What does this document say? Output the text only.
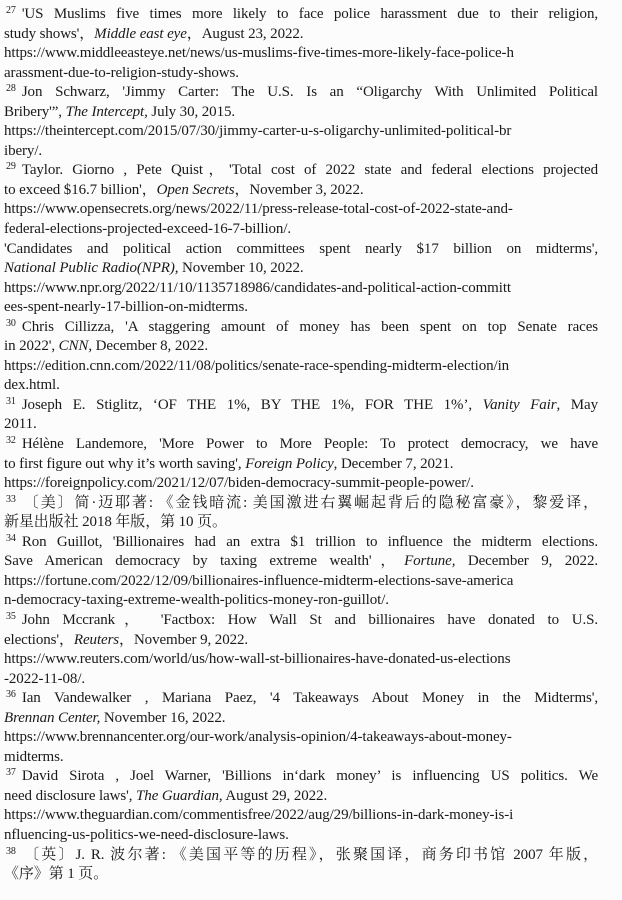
$^{27}$ 'US Muslims five times more likely to face police harassment due to their religion,
study shows'，Middle east eye，August 23, 2022.
https://www.middleeasteye.net/news/us-muslims-five-times-more-likely-face-police-h
arassment-due-to-religion-study-shows.
$^{28}$ Jon Schwarz, 'Jimmy Carter: The U.S. Is an “Oligarchy With Unlimited Political
Bribery'”, The Intercept, July 30, 2015.
https://theintercept.com/2015/07/30/jimmy-carter-u-s-oligarchy-unlimited-political-br
ibery/.
$^{29}$ Taylor. Giorno , Pete Quist，'Total cost of 2022 state and federal elections projected
to exceed $16.7 billion'，Open Secrets，November 3, 2022.
https://www.opensecrets.org/news/2022/11/press-release-total-cost-of-2022-state-and-
federal-elections-projected-exceed-16-7-billion/.
'Candidates and political action committees spent nearly $17 billion on midterms',
National Public Radio(NPR), November 10, 2022.
https://www.npr.org/2022/11/10/1135718986/candidates-and-political-action-committ
ees-spent-nearly-17-billion-on-midterms.
$^{30}$ Chris Cillizza, 'A staggering amount of money has been spent on top Senate races
in 2022', CNN, December 8, 2022.
https://edition.cnn.com/2022/11/08/politics/senate-race-spending-midterm-election/in
dex.html.
$^{31}$ Joseph E. Stiglitz, ‘OF THE 1%, BY THE 1%, FOR THE 1%’, Vanity Fair, May
2011.
$^{32}$ Hélène Landemore, 'More Power to More People: To protect democracy, we have
to first figure out why it’s worth saving', Foreign Policy, December 7, 2021.
https://foreignpolicy.com/2021/12/07/biden-democracy-summit-people-power/.
$^{33}$ 〔美〕简·迈耶著: 《金钱暗流: 美国激进右翼崛起背后的隐秘富豪》，黎爱译，
新星出版社 2018 年版，第 10 页。
$^{34}$ Ron Guillot, 'Billionaires had an extra $1 trillion to influence the midterm elections.
Save American democracy by taxing extreme wealth'，Fortune, December 9, 2022.
https://fortune.com/2022/12/09/billionaires-influence-midterm-elections-save-america
n-democracy-taxing-extreme-wealth-politics-money-ron-guillot/.
$^{35}$ John Mccrank， 'Factbox: How Wall St and billionaires have donated to U.S.
elections'，Reuters，November 9, 2022.
https://www.reuters.com/world/us/how-wall-st-billionaires-have-donated-us-elections
-2022-11-08/.
$^{36}$ Ian Vandewalker , Mariana Paez, '4 Takeaways About Money in the Midterms',
Brennan Center, November 16, 2022.
https://www.brennancenter.org/our-work/analysis-opinion/4-takeaways-about-money-
midterms.
$^{37}$ David Sirota , Joel Warner, 'Billions in‘dark money’ is influencing US politics. We
need disclosure laws', The Guardian, August 29, 2022.
https://www.theguardian.com/commentisfree/2022/aug/29/billions-in-dark-money-is-i
nfluencing-us-politics-we-need-disclosure-laws.
$^{38}$ 〔英〕J. R. 波尔著: 《美国平等的历程》，张聚国译，商务印书馆 2007 年版，
《序》第 1 页。
